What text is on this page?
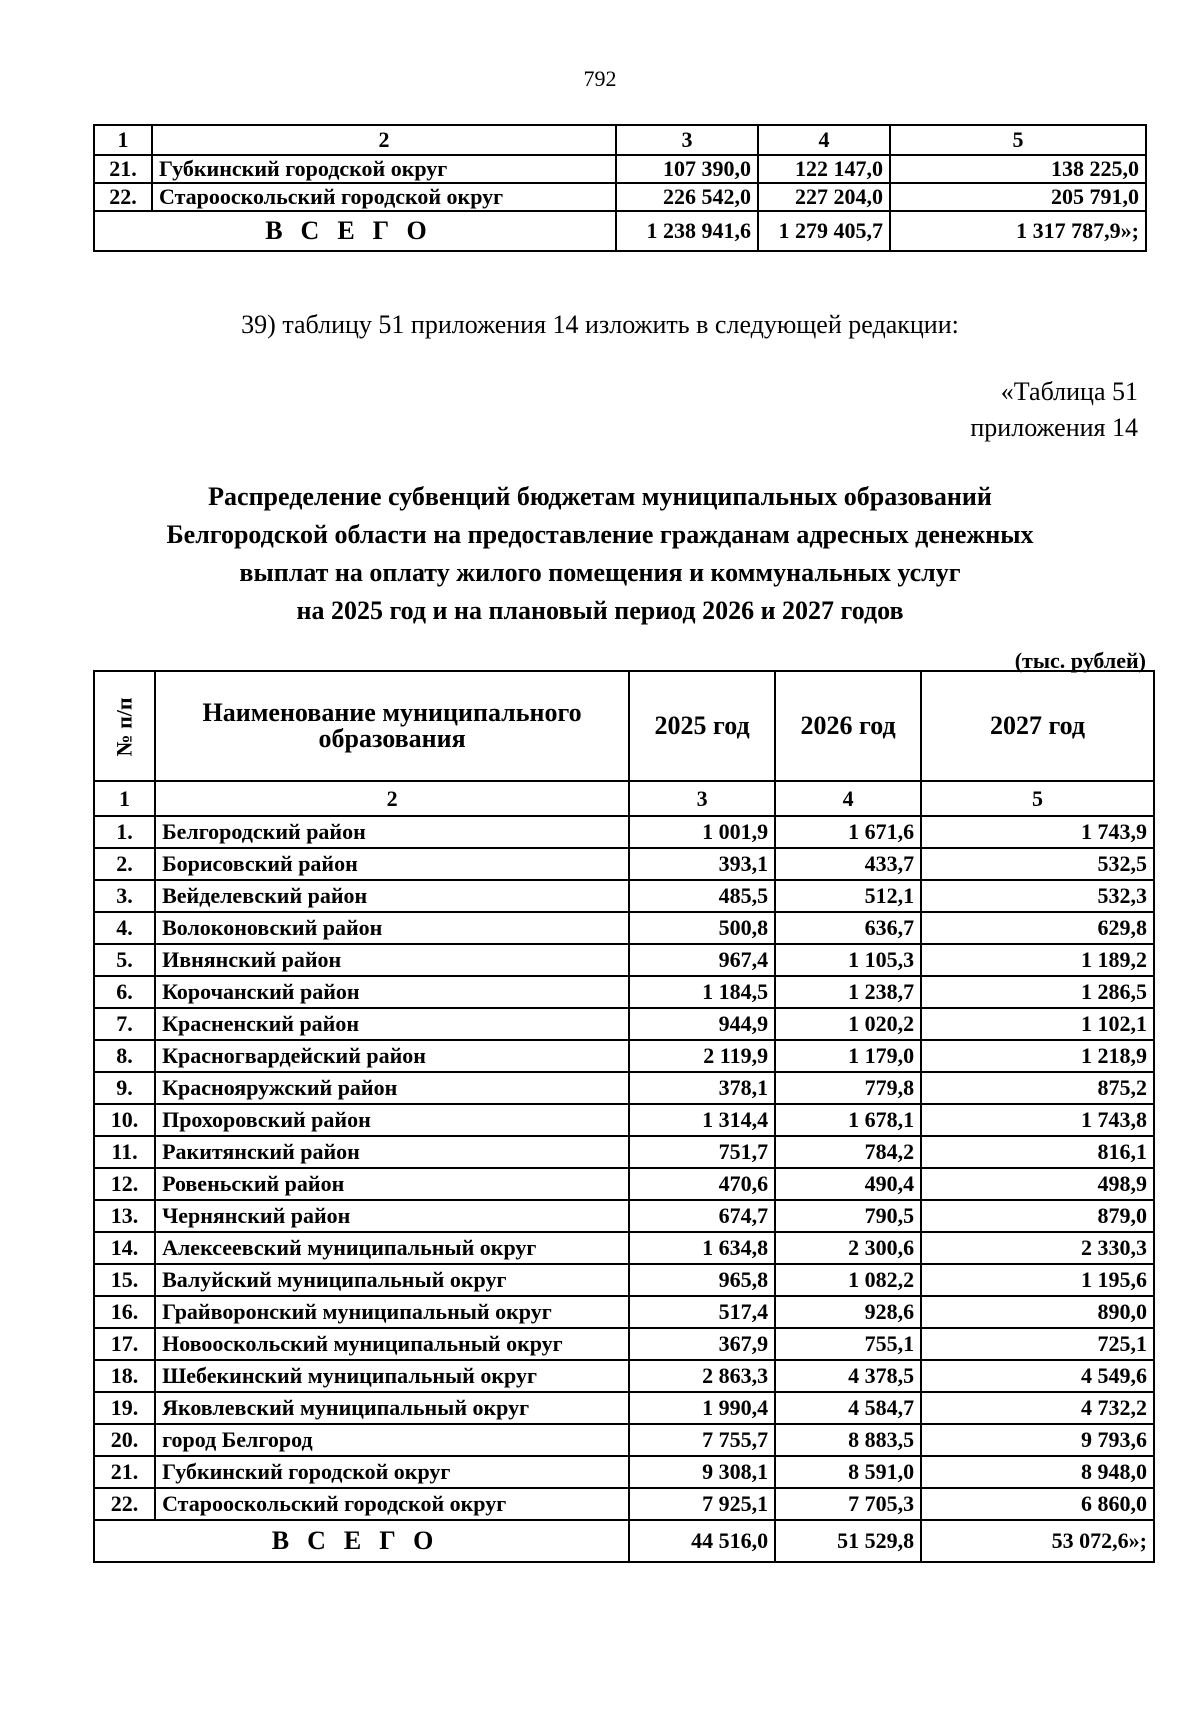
792
1	2	3	4	5
21.	Губкинский городской округ	107 390,0	122 147,0	138 225,0
22.	Старооскольский городской округ	226 542,0	227 204,0	205 791,0
ВСЕГО		1 238 941,6	1 279 405,7	1 317 787,9»;
39) таблицу 51 приложения 14 изложить в следующей редакции:
«Таблица 51
приложения 14
Распределение субвенций бюджетам муниципальных образований
Белгородской области на предоставление гражданам адресных денежных
выплат на оплату жилого помещения и коммунальных услуг
на 2025 год и на плановый период 2026 и 2027 годов
(тыс. рублей)
№ п/п	Наименование муниципального образования	2025 год	2026 год	2027 год
1	2	3	4	5
1.	Белгородский район	1 001,9	1 671,6	1 743,9
2.	Борисовский район	393,1	433,7	532,5
3.	Вейделевский район	485,5	512,1	532,3
4.	Волоконовский район	500,8	636,7	629,8
5.	Ивнянский район	967,4	1 105,3	1 189,2
6.	Корочанский район	1 184,5	1 238,7	1 286,5
7.	Красненский район	944,9	1 020,2	1 102,1
8.	Красногвардейский район	2 119,9	1 179,0	1 218,9
9.	Краснояружский район	378,1	779,8	875,2
10.	Прохоровский район	1 314,4	1 678,1	1 743,8
11.	Ракитянский район	751,7	784,2	816,1
12.	Ровеньский район	470,6	490,4	498,9
13.	Чернянский район	674,7	790,5	879,0
14.	Алексеевский муниципальный округ	1 634,8	2 300,6	2 330,3
15.	Валуйский муниципальный округ	965,8	1 082,2	1 195,6
16.	Грайворонский муниципальный округ	517,4	928,6	890,0
17.	Новооскольский муниципальный округ	367,9	755,1	725,1
18.	Шебекинский муниципальный округ	2 863,3	4 378,5	4 549,6
19.	Яковлевский муниципальный округ	1 990,4	4 584,7	4 732,2
20.	город Белгород	7 755,7	8 883,5	9 793,6
21.	Губкинский городской округ	9 308,1	8 591,0	8 948,0
22.	Старооскольский городской округ	7 925,1	7 705,3	6 860,0
ВСЕГО		44 516,0	51 529,8	53 072,6»;
